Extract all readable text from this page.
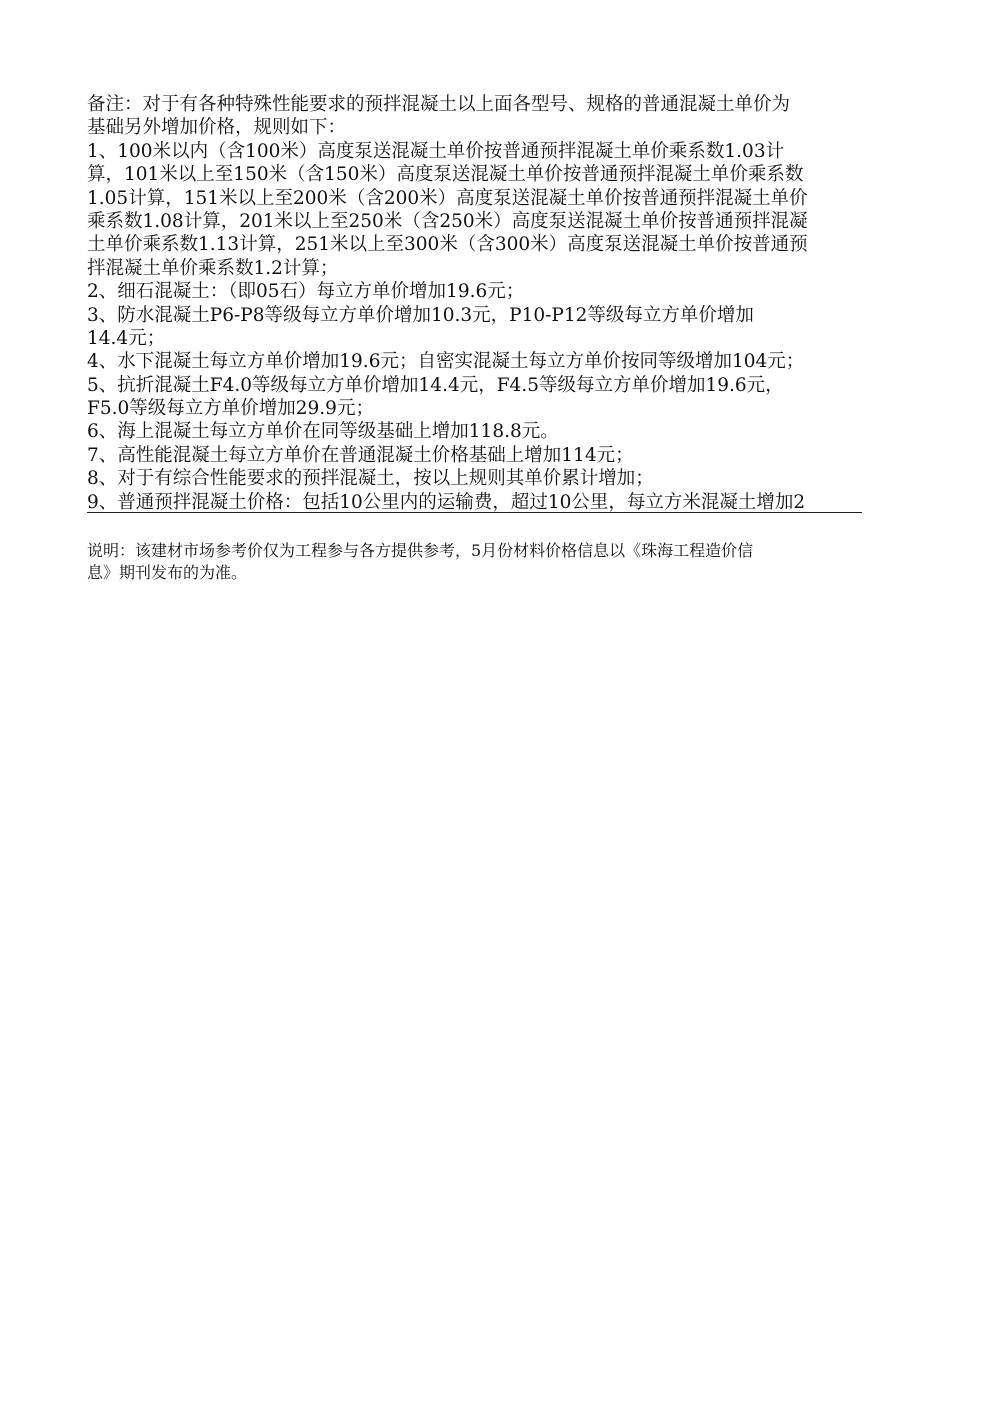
备注：对于有各种特殊性能要求的预拌混凝土以上面各型号、规格的普通混凝土单价为
基础另外增加价格，规则如下：
1、100米以内（含100米）高度泵送混凝土单价按普通预拌混凝土单价乘系数1.03计
算，101米以上至150米（含150米）高度泵送混凝土单价按普通预拌混凝土单价乘系数
1.05计算，151米以上至200米（含200米）高度泵送混凝土单价按普通预拌混凝土单价
乘系数1.08计算，201米以上至250米（含250米）高度泵送混凝土单价按普通预拌混凝
土单价乘系数1.13计算，251米以上至300米（含300米）高度泵送混凝土单价按普通预
拌混凝土单价乘系数1.2计算；
2、细石混凝土：（即05石）每立方单价增加19.6元；
3、防水混凝土P6-P8等级每立方单价增加10.3元，P10-P12等级每立方单价增加
14.4元；
4、水下混凝土每立方单价增加19.6元；自密实混凝土每立方单价按同等级增加104元；
5、抗折混凝土F4.0等级每立方单价增加14.4元，F4.5等级每立方单价增加19.6元，
F5.0等级每立方单价增加29.9元；
6、海上混凝土每立方单价在同等级基础上增加118.8元。
7、高性能混凝土每立方单价在普通混凝土价格基础上增加114元；
8、对于有综合性能要求的预拌混凝土，按以上规则其单价累计增加；
9、普通预拌混凝土价格：包括10公里内的运输费，超过10公里，每立方米混凝土增加2
说明：该建材市场参考价仅为工程参与各方提供参考，5月份材料价格信息以《珠海工程造价信
息》期刊发布的为准。
